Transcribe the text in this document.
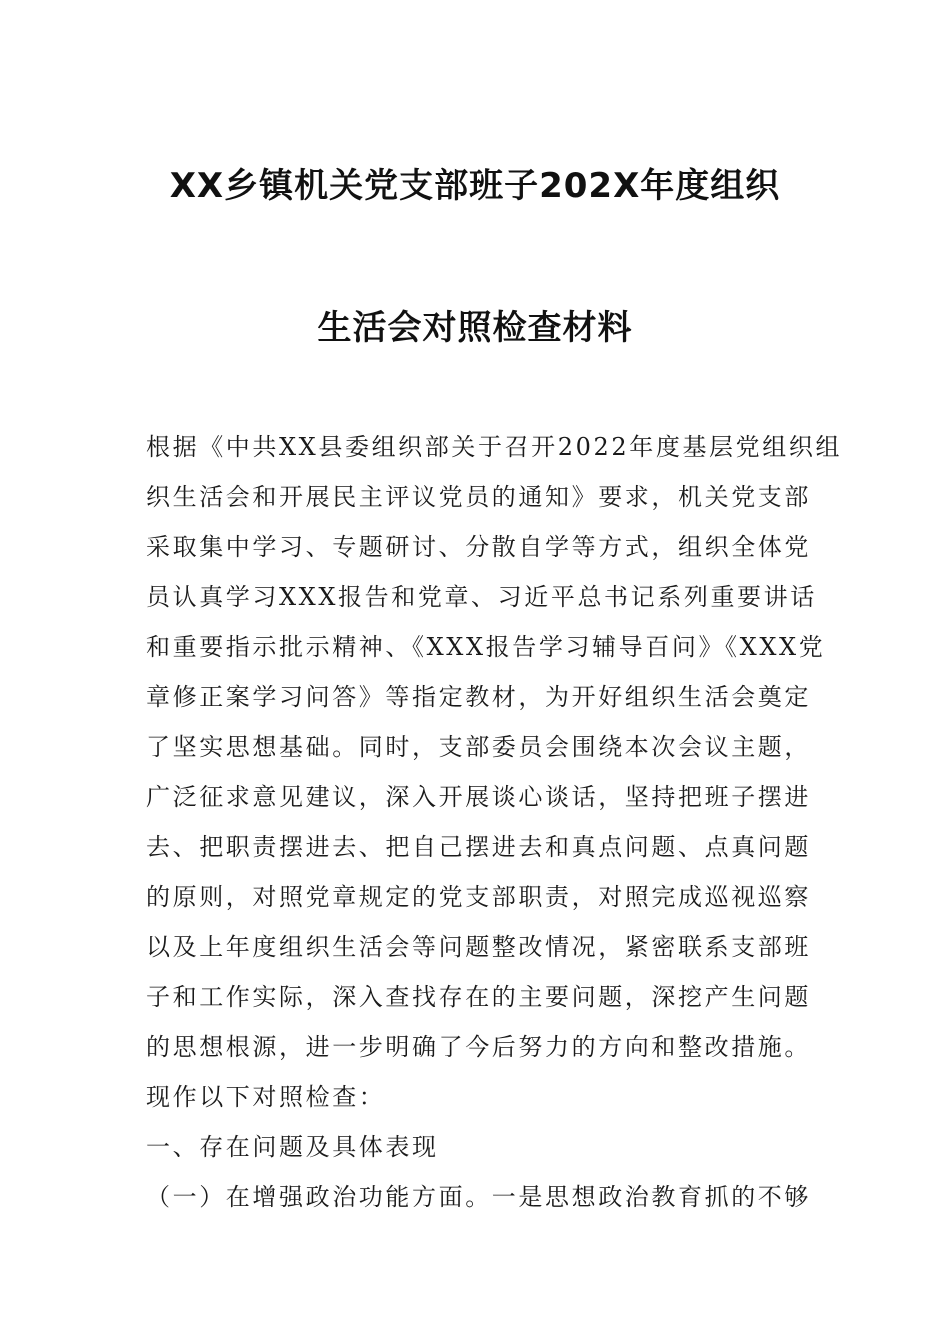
XX乡镇机关党支部班子202X年度组织
生活会对照检查材料
根据《中共XX县委组织部关于召开2022年度基层党组织组
织生活会和开展民主评议党员的通知》要求，机关党支部
采取集中学习、专题研讨、分散自学等方式，组织全体党
员认真学习XXX报告和党章、习近平总书记系列重要讲话
和重要指示批示精神、《XXX报告学习辅导百问》《XXX党
章修正案学习问答》等指定教材，为开好组织生活会奠定
了坚实思想基础。同时，支部委员会围绕本次会议主题，
广泛征求意见建议，深入开展谈心谈话，坚持把班子摆进
去、把职责摆进去、把自己摆进去和真点问题、点真问题
的原则，对照党章规定的党支部职责，对照完成巡视巡察
以及上年度组织生活会等问题整改情况，紧密联系支部班
子和工作实际，深入查找存在的主要问题，深挖产生问题
的思想根源，进一步明确了今后努力的方向和整改措施。
现作以下对照检查：
一、存在问题及具体表现
（一）在增强政治功能方面。一是思想政治教育抓的不够
